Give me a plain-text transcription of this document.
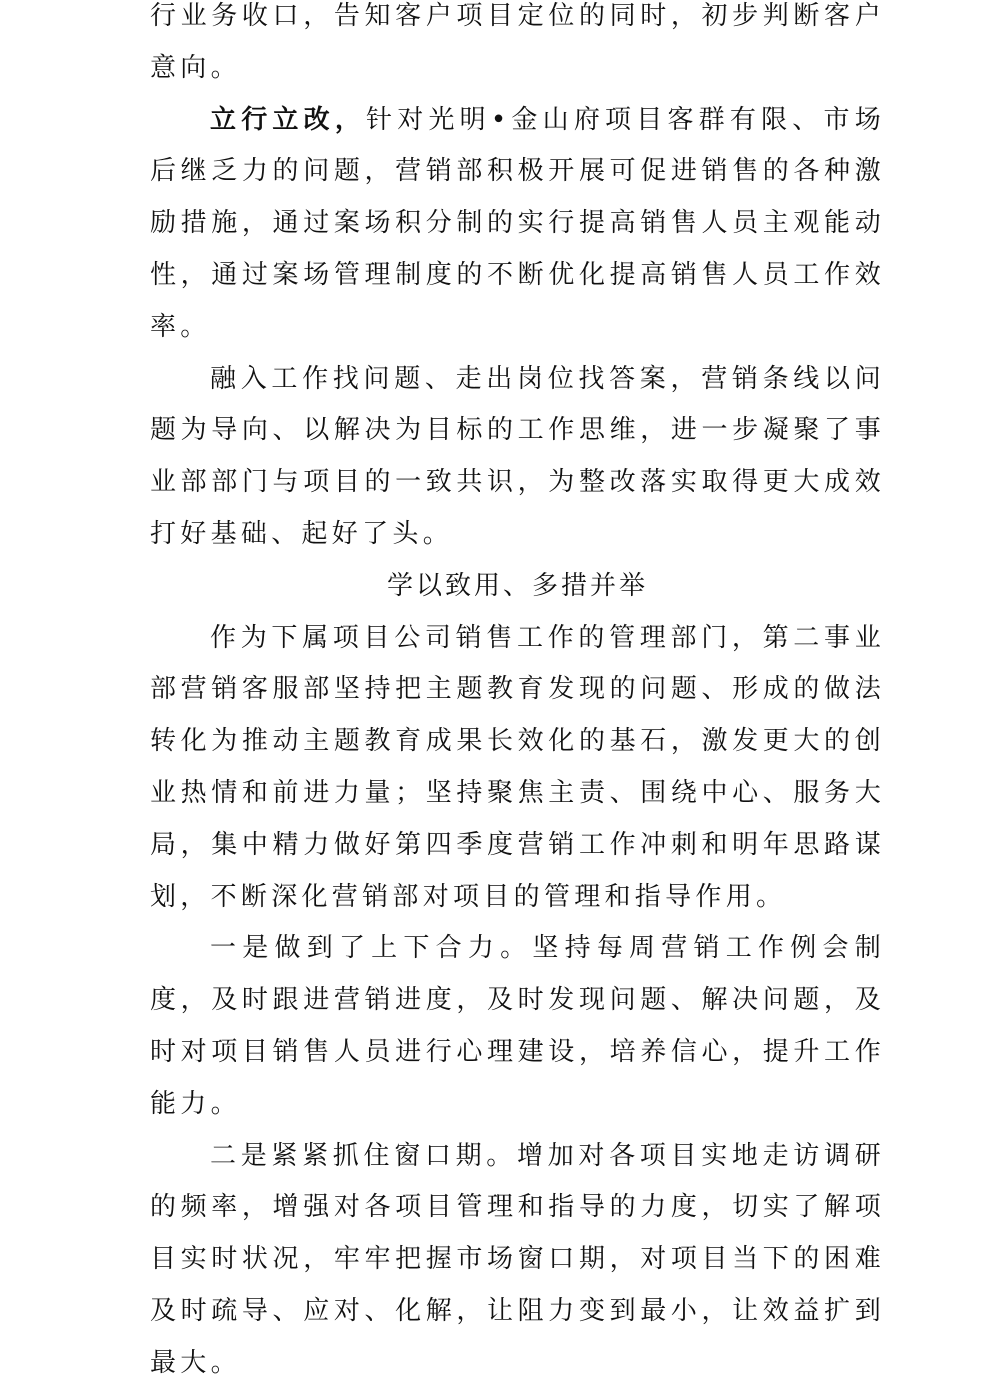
行业务收口，告知客户项目定位的同时，初步判断客户意向。

立行立改，针对光明•金山府项目客群有限、市场后继乏力的问题，营销部积极开展可促进销售的各种激励措施，通过案场积分制的实行提高销售人员主观能动性，通过案场管理制度的不断优化提高销售人员工作效率。

融入工作找问题、走出岗位找答案，营销条线以问题为导向、以解决为目标的工作思维，进一步凝聚了事业部部门与项目的一致共识，为整改落实取得更大成效打好基础、起好了头。

学以致用、多措并举

作为下属项目公司销售工作的管理部门，第二事业部营销客服部坚持把主题教育发现的问题、形成的做法转化为推动主题教育成果长效化的基石，激发更大的创业热情和前进力量；坚持聚焦主责、围绕中心、服务大局，集中精力做好第四季度营销工作冲刺和明年思路谋划，不断深化营销部对项目的管理和指导作用。

一是做到了上下合力。坚持每周营销工作例会制度，及时跟进营销进度，及时发现问题、解决问题，及时对项目销售人员进行心理建设，培养信心，提升工作能力。

二是紧紧抓住窗口期。增加对各项目实地走访调研的频率，增强对各项目管理和指导的力度，切实了解项目实时状况，牢牢把握市场窗口期，对项目当下的困难及时疏导、应对、化解，让阻力变到最小，让效益扩到最大。
